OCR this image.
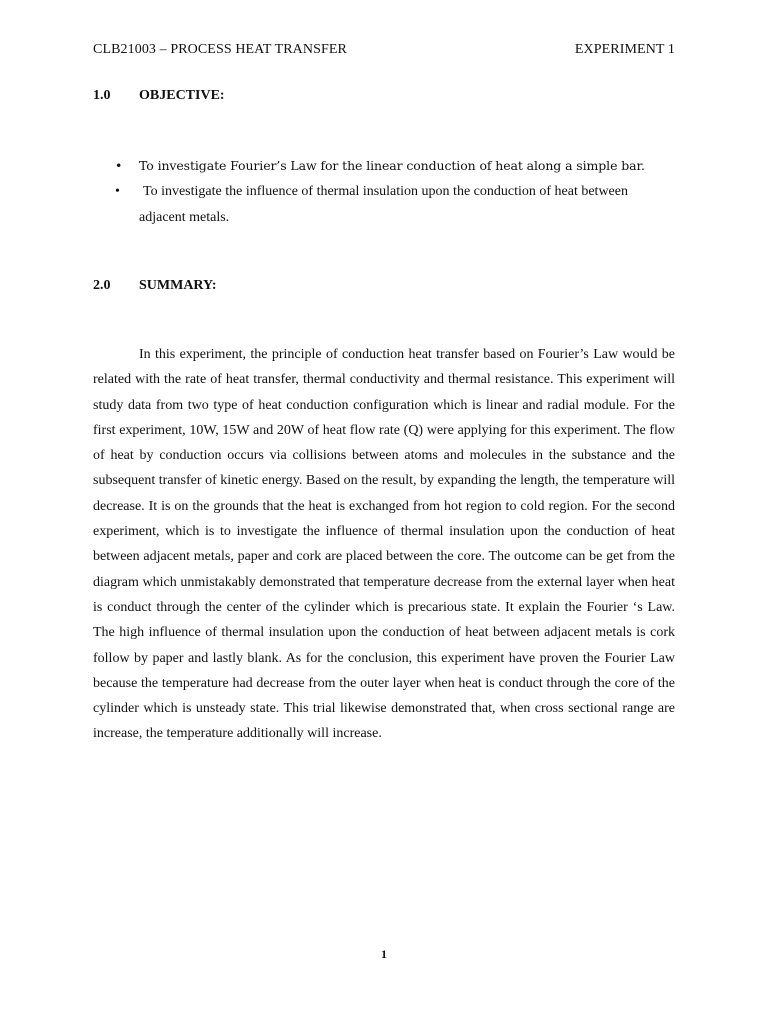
CLB21003 – PROCESS HEAT TRANSFER	EXPERIMENT 1
1.0	OBJECTIVE:
• To investigate Fourier’s Law for the linear conduction of heat along a simple bar.
• To investigate the influence of thermal insulation upon the conduction of heat between adjacent metals.
2.0	SUMMARY:

In this experiment, the principle of conduction heat transfer based on Fourier’s Law would be related with the rate of heat transfer, thermal conductivity and thermal resistance. This experiment will study data from two type of heat conduction configuration which is linear and radial module. For the first experiment, 10W, 15W and 20W of heat flow rate (Q) were applying for this experiment. The flow of heat by conduction occurs via collisions between atoms and molecules in the substance and the subsequent transfer of kinetic energy. Based on the result, by expanding the length, the temperature will decrease. It is on the grounds that the heat is exchanged from hot region to cold region. For the second experiment, which is to investigate the influence of thermal insulation upon the conduction of heat between adjacent metals, paper and cork are placed between the core. The outcome can be get from the diagram which unmistakably demonstrated that temperature decrease from the external layer when heat is conduct through the center of the cylinder which is precarious state. It explain the Fourier ‘s Law. The high influence of thermal insulation upon the conduction of heat between adjacent metals is cork follow by paper and lastly blank. As for the conclusion, this experiment have proven the Fourier Law because the temperature had decrease from the outer layer when heat is conduct through the core of the cylinder which is unsteady state. This trial likewise demonstrated that, when cross sectional range are increase, the temperature additionally will increase.

1
